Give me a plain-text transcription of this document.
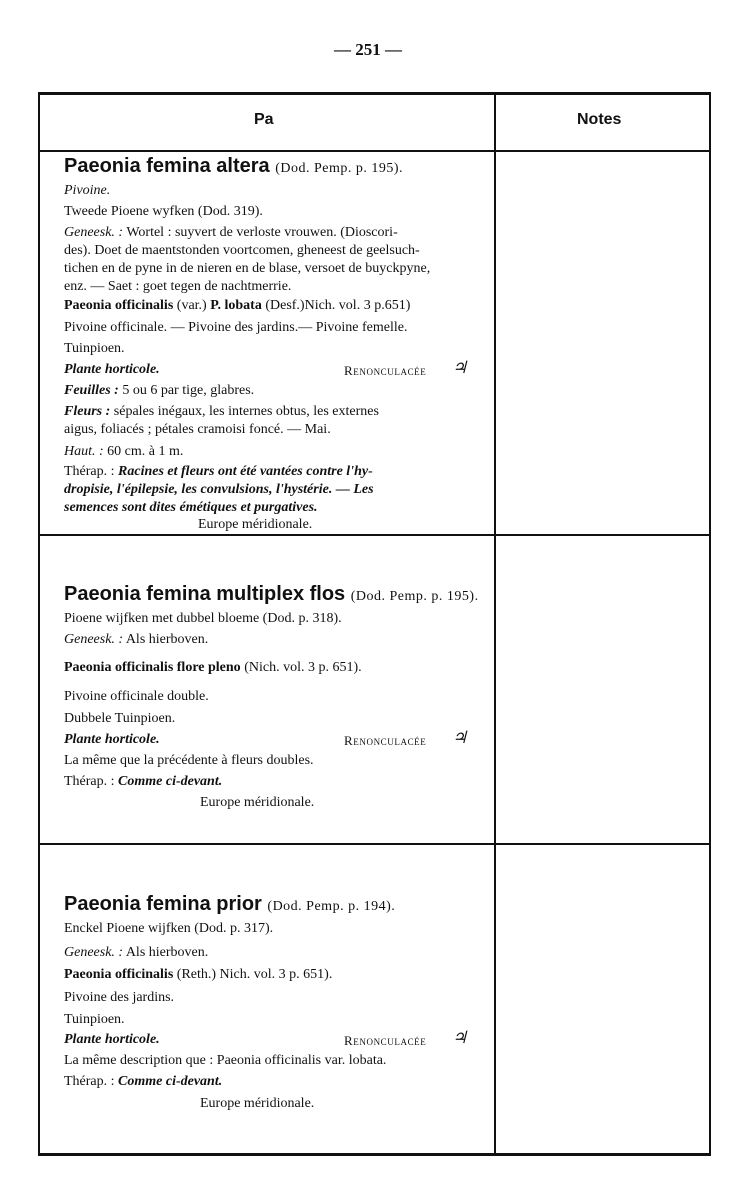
— 251 —
Pa	Notes
Paeonia femina altera (Dod. Pemp. p. 195).
Pivoine.
Tweede Pioene wyfken (Dod. 319).
Geneesk. : Wortel : suyvert de verloste vrouwen. (Dioscori-
des). Doet de maentstonden voortcomen, gheneest de geelsuch-
tichen en de pyne in de nieren en de blase, versoet de buyckpyne,
enz. — Saet : goet tegen de nachtmerrie.
Paeonia officinalis (var.) P. lobata (Desf.)Nich. vol. 3 p.651)
Pivoine officinale. — Pivoine des jardins.— Pivoine femelle.
Tuinpioen.
Plante horticole.	Renonculacée ♃
Feuilles : 5 ou 6 par tige, glabres.
Fleurs : sépales inégaux, les internes obtus, les externes
aigus, foliacés ; pétales cramoisi foncé. — Mai.
Haut. : 60 cm. à 1 m.
Thérap. : Racines et fleurs ont été vantées contre l'hy-
dropisie, l'épilepsie, les convulsions, l'hystérie. — Les
semences sont dites émétiques et purgatives.
Europe méridionale.
Paeonia femina multiplex flos (Dod. Pemp. p. 195).
Pioene wijfken met dubbel bloeme (Dod. p. 318).
Geneesk. : Als hierboven.
Paeonia officinalis flore pleno (Nich. vol. 3 p. 651).
Pivoine officinale double.
Dubbele Tuinpioen.
Plante horticole.	Renonculacée ♃
La même que la précédente à fleurs doubles.
Thérap. : Comme ci-devant.
Europe méridionale.
Paeonia femina prior (Dod. Pemp. p. 194).
Enckel Pioene wijfken (Dod. p. 317).
Geneesk. : Als hierboven.
Paeonia officinalis (Reth.) Nich. vol. 3 p. 651).
Pivoine des jardins.
Tuinpioen.
Plante horticole.	Renonculacée ♃
La même description que : Paeonia officinalis var. lobata.
Thérap. : Comme ci-devant.
Europe méridionale.
